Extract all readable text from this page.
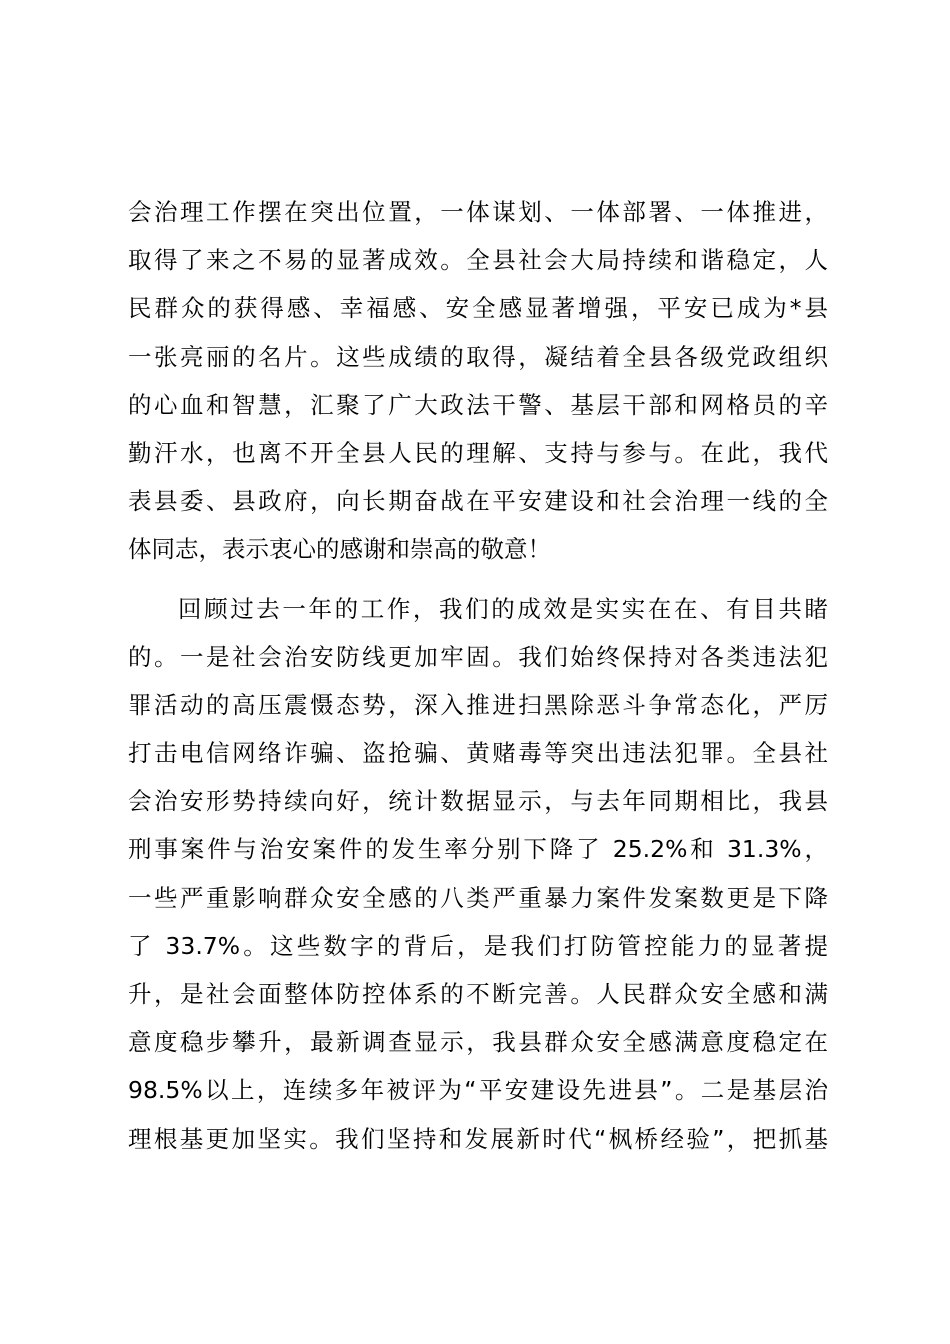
会治理工作摆在突出位置，一体谋划、一体部署、一体推进，
取得了来之不易的显著成效。全县社会大局持续和谐稳定，人
民群众的获得感、幸福感、安全感显著增强，平安已成为*县
一张亮丽的名片。这些成绩的取得，凝结着全县各级党政组织
的心血和智慧，汇聚了广大政法干警、基层干部和网格员的辛
勤汗水，也离不开全县人民的理解、支持与参与。在此，我代
表县委、县政府，向长期奋战在平安建设和社会治理一线的全
体同志，表示衷心的感谢和崇高的敬意！
回顾过去一年的工作，我们的成效是实实在在、有目共睹
的。一是社会治安防线更加牢固。我们始终保持对各类违法犯
罪活动的高压震慑态势，深入推进扫黑除恶斗争常态化，严厉
打击电信网络诈骗、盗抢骗、黄赌毒等突出违法犯罪。全县社
会治安形势持续向好，统计数据显示，与去年同期相比，我县
刑事案件与治安案件的发生率分别下降了 25.2%和 31.3%，
一些严重影响群众安全感的八类严重暴力案件发案数更是下降
了 33.7%。这些数字的背后，是我们打防管控能力的显著提
升，是社会面整体防控体系的不断完善。人民群众安全感和满
意度稳步攀升，最新调查显示，我县群众安全感满意度稳定在
98.5%以上，连续多年被评为“平安建设先进县”。二是基层治
理根基更加坚实。我们坚持和发展新时代“枫桥经验”，把抓基
